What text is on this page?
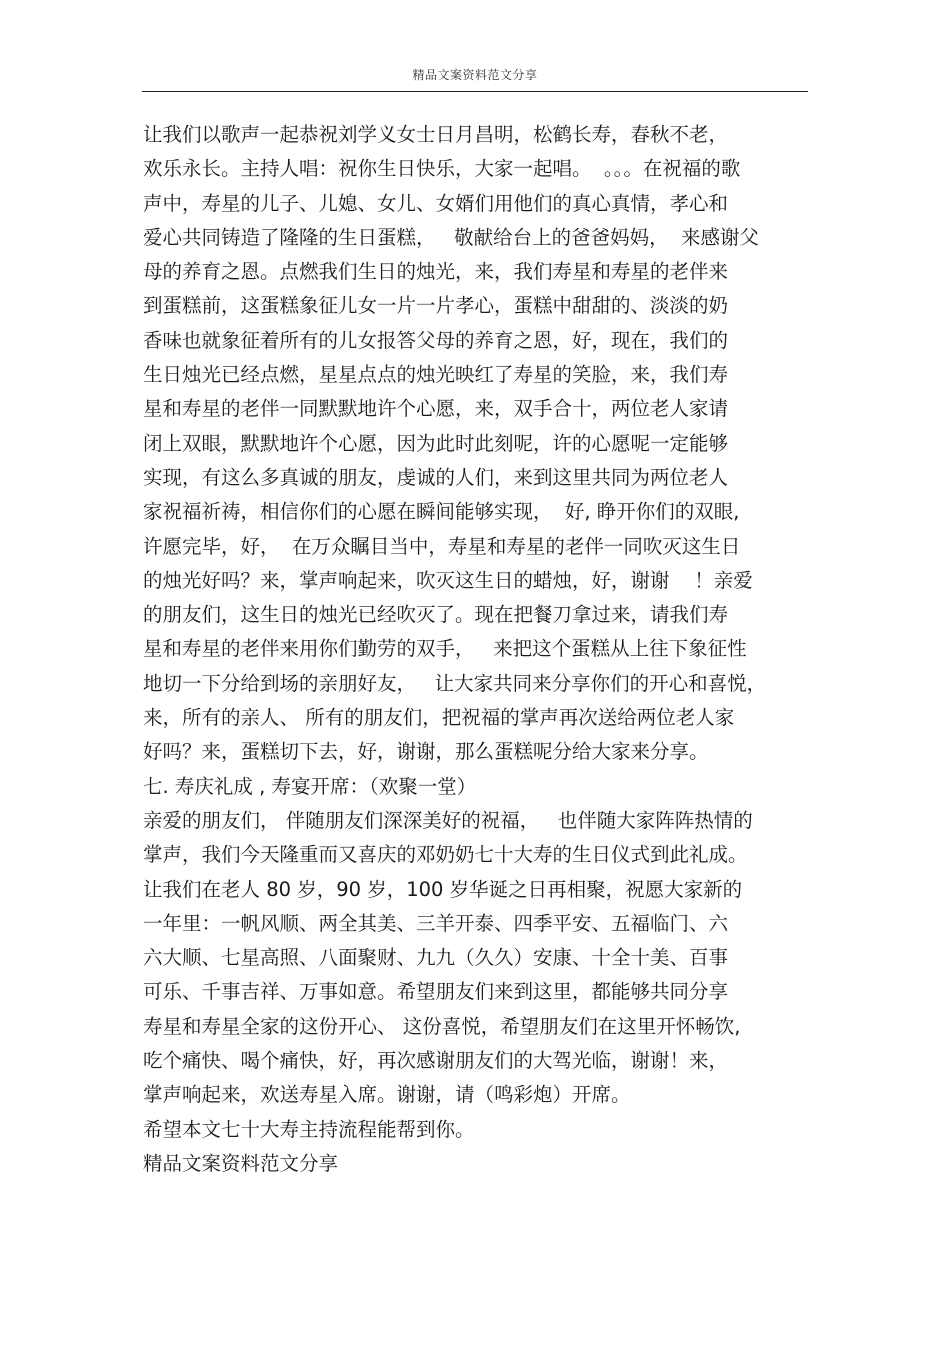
精品文案资料范文分享
让我们以歌声一起恭祝刘学义女士日月昌明，松鹤长寿，春秋不老，
欢乐永长。主持人唱：祝你生日快乐，大家一起唱。  。。。在祝福的歌
声中，寿星的儿子、儿媳、女儿、女婿们用他们的真心真情，孝心和
爱心共同铸造了隆隆的生日蛋糕，   敬献给台上的爸爸妈妈，  来感谢父
母的养育之恩。点燃我们生日的烛光，来，我们寿星和寿星的老伴来
到蛋糕前，这蛋糕象征儿女一片一片孝心，蛋糕中甜甜的、淡淡的奶
香味也就象征着所有的儿女报答父母的养育之恩，好，现在，我们的
生日烛光已经点燃，星星点点的烛光映红了寿星的笑脸，来，我们寿
星和寿星的老伴一同默默地许个心愿，来，双手合十，两位老人家请
闭上双眼，默默地许个心愿，因为此时此刻呢，许的心愿呢一定能够
实现，有这么多真诚的朋友，虔诚的人们，来到这里共同为两位老人
家祝福祈祷，相信你们的心愿在瞬间能够实现，  好, 睁开你们的双眼,
许愿完毕，好，  在万众瞩目当中，寿星和寿星的老伴一同吹灭这生日
的烛光好吗？来，掌声响起来，吹灭这生日的蜡烛，好，谢谢    ！亲爱
的朋友们，这生日的烛光已经吹灭了。现在把餐刀拿过来，请我们寿
星和寿星的老伴来用你们勤劳的双手，   来把这个蛋糕从上往下象征性
地切一下分给到场的亲朋好友，   让大家共同来分享你们的开心和喜悦，
来，所有的亲人、 所有的朋友们，把祝福的掌声再次送给两位老人家
好吗？来，蛋糕切下去，好，谢谢，那么蛋糕呢分给大家来分享。
七. 寿庆礼成 , 寿宴开席：（欢聚一堂）
亲爱的朋友们， 伴随朋友们深深美好的祝福，   也伴随大家阵阵热情的
掌声，我们今天隆重而又喜庆的邓奶奶七十大寿的生日仪式到此礼成。
让我们在老人 80 岁，90 岁，100 岁华诞之日再相聚，祝愿大家新的
一年里：一帆风顺、两全其美、三羊开泰、四季平安、五福临门、六
六大顺、七星高照、八面聚财、九九（久久）安康、十全十美、百事
可乐、千事吉祥、万事如意。希望朋友们来到这里，都能够共同分享
寿星和寿星全家的这份开心、 这份喜悦，希望朋友们在这里开怀畅饮,
吃个痛快、喝个痛快，好，再次感谢朋友们的大驾光临，谢谢！来，
掌声响起来，欢送寿星入席。谢谢，请（鸣彩炮）开席。
希望本文七十大寿主持流程能帮到你。
精品文案资料范文分享
